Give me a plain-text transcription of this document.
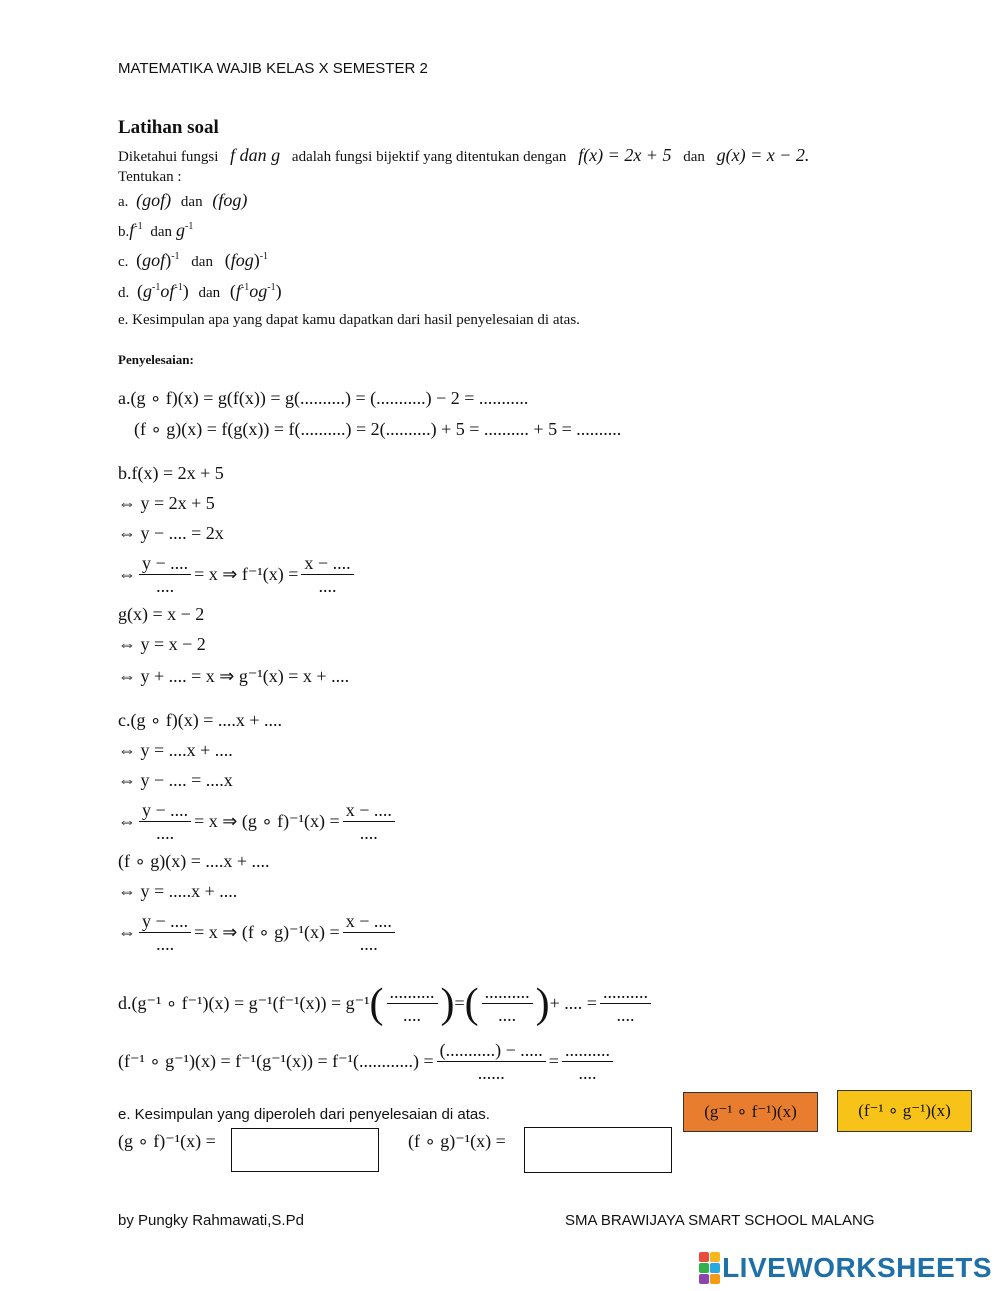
MATEMATIKA WAJIB KELAS X SEMESTER 2
Latihan soal
Diketahui fungsi f dan g adalah fungsi bijektif yang ditentukan dengan f(x) = 2x + 5 dan g(x) = x − 2.
Tentukan :
a. (gof) dan (fog)
$b.f^{-1}$ dan $g^{-1}$
c. (gof)$^{-1}$ dan (fog)$^{-1}$
d. $(g^{-1}of^{-1})$ dan $(f^{-1}og^{-1})$
e. Kesimpulan apa yang dapat kamu dapatkan dari hasil penyelesaian di atas.
Penyelesaian:
a.(g ∘ f)(x) = g(f(x)) = g(..........) = (...........) − 2 = ...........
(f ∘ g)(x) = f(g(x)) = f(..........) = 2(..........) + 5 = .......... + 5 = ..........
b.f(x) = 2x + 5
⇔ y = 2x + 5
⇔ y − .... = 2x
⇔ $\frac{y - ....}{....} = x$ ⇒ $f^{-1}(x) = \frac{x - ....}{....}$
g(x) = x − 2
⇔ y = x − 2
⇔ y + .... = x ⇒ g⁻¹(x) = x + ....
c.(g ∘ f)(x) = ....x + ....
⇔ y = ....x + ....
⇔ y − .... = ....x
⇔ $\frac{y - ....}{....} = x$ ⇒ (g ∘ $f)^{-1}(x) = \frac{x - ....}{....}$
(f ∘ g)(x) = ....x + ....
⇔ y = .....x + ....
⇔ $\frac{y - ....}{....} = x$ ⇒ (f ∘ $g)^{-1}(x) = \frac{x - ....}{....}$
d.(g⁻¹ ∘ f⁻¹)(x) = g⁻¹(f⁻¹(x)) = g⁻¹ ( $\frac{..........}{....}$ ) = ( $\frac{..........}{....}$ ) + .... = $\frac{..........}{....}$
(f⁻¹ ∘ $g^{-1})(x) = f^{-1}(g^{-1}(x)) = f^{-1}(............) = \frac{(...........) - .....}{......} = \frac{..........}{....}$
e. Kesimpulan yang diperoleh dari penyelesaian di atas.	(g⁻¹ ∘ f⁻¹)(x)	(f⁻¹ ∘ g⁻¹)(x)
(g ∘ f)⁻¹(x) =	(f ∘ g)⁻¹(x) =
by Pungky Rahmawati,S.Pd	SMA BRAWIJAYA SMART SCHOOL MALANG
LIVEWORKSHEETS
